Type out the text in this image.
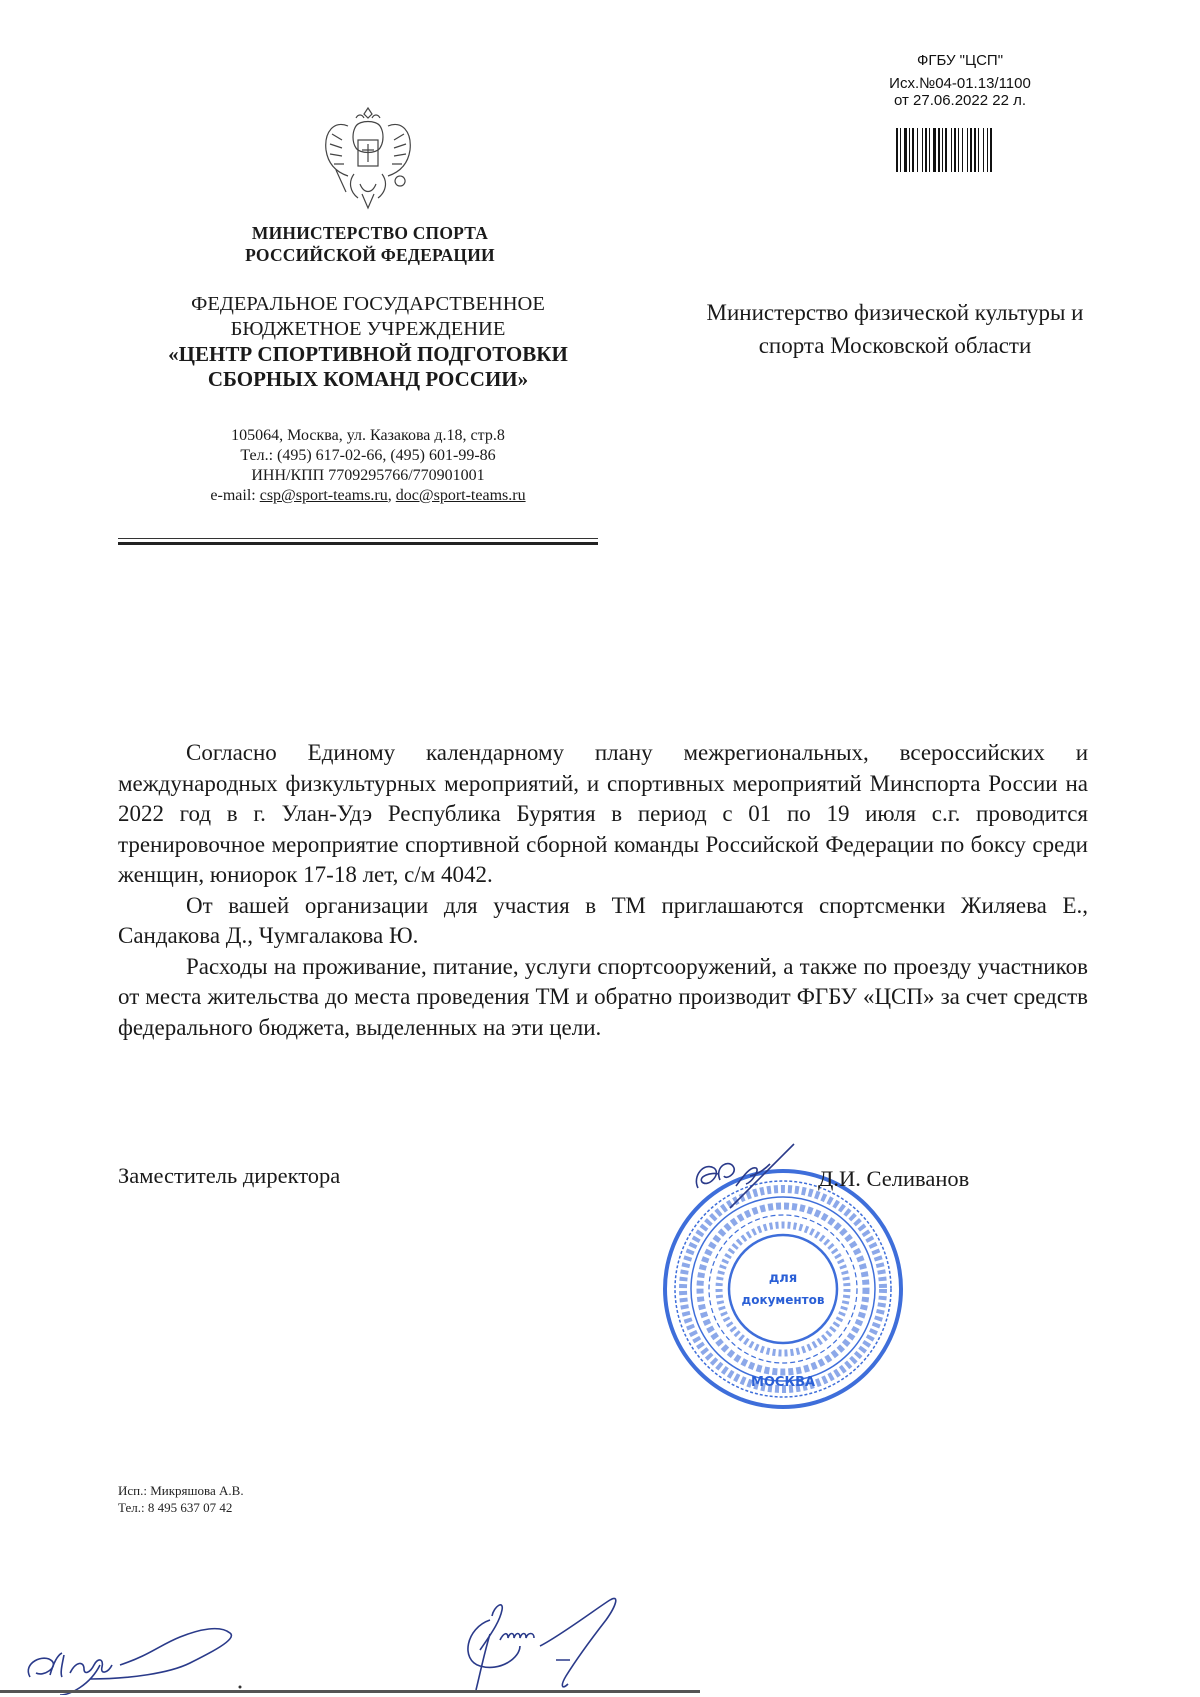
ФГБУ "ЦСП"
Исх.№04-01.13/1100
от 27.06.2022 22 л.
МИНИСТЕРСТВО СПОРТА
РОССИЙСКОЙ ФЕДЕРАЦИИ
ФЕДЕРАЛЬНОЕ ГОСУДАРСТВЕННОЕ
БЮДЖЕТНОЕ УЧРЕЖДЕНИЕ
«ЦЕНТР СПОРТИВНОЙ ПОДГОТОВКИ
СБОРНЫХ КОМАНД РОССИИ»
105064, Москва, ул. Казакова д.18, стр.8
Тел.: (495) 617-02-66, (495) 601-99-86
ИНН/КПП 7709295766/770901001
e-mail: csp@sport-teams.ru, doc@sport-teams.ru
Министерство физической культуры и
спорта Московской области

Согласно Единому календарному плану межрегиональных, всероссийских и международных физкультурных мероприятий, и спортивных мероприятий Минспорта России на 2022 год в г. Улан-Удэ Республика Бурятия в период с 01 по 19 июля с.г. проводится тренировочное мероприятие спортивной сборной команды Российской Федерации по боксу среди женщин, юниорок 17-18 лет, с/м 4042.

От вашей организации для участия в ТМ приглашаются спортсменки Жиляева Е., Сандакова Д., Чумгалакова Ю.

Расходы на проживание, питание, услуги спортсооружений, а также по проезду участников от места жительства до места проведения ТМ и обратно производит ФГБУ «ЦСП» за счет средств федерального бюджета, выделенных на эти цели.

Заместитель директора
для
документов
МОСКВА
Д.И. Селиванов
Исп.: Микряшова А.В.
Тел.: 8 495 637 07 42
